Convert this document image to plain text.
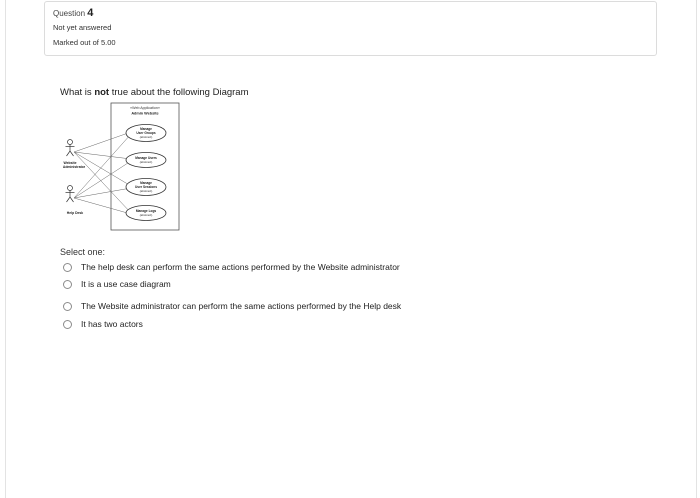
Question 4
Not yet answered
Marked out of 5.00
What is not true about the following Diagram
«Web Application»
Admin Website
Website
Administrator
Help Desk
Manage
User Groups
{abstract}
Manage Users
{abstract}
Manage
User Sessions
{abstract}
Manage Logs
{abstract}
Select one:
The help desk can perform the same actions performed by the Website administrator
It is a use case diagram
The Website administrator can perform the same actions performed by the Help desk
It has two actors
